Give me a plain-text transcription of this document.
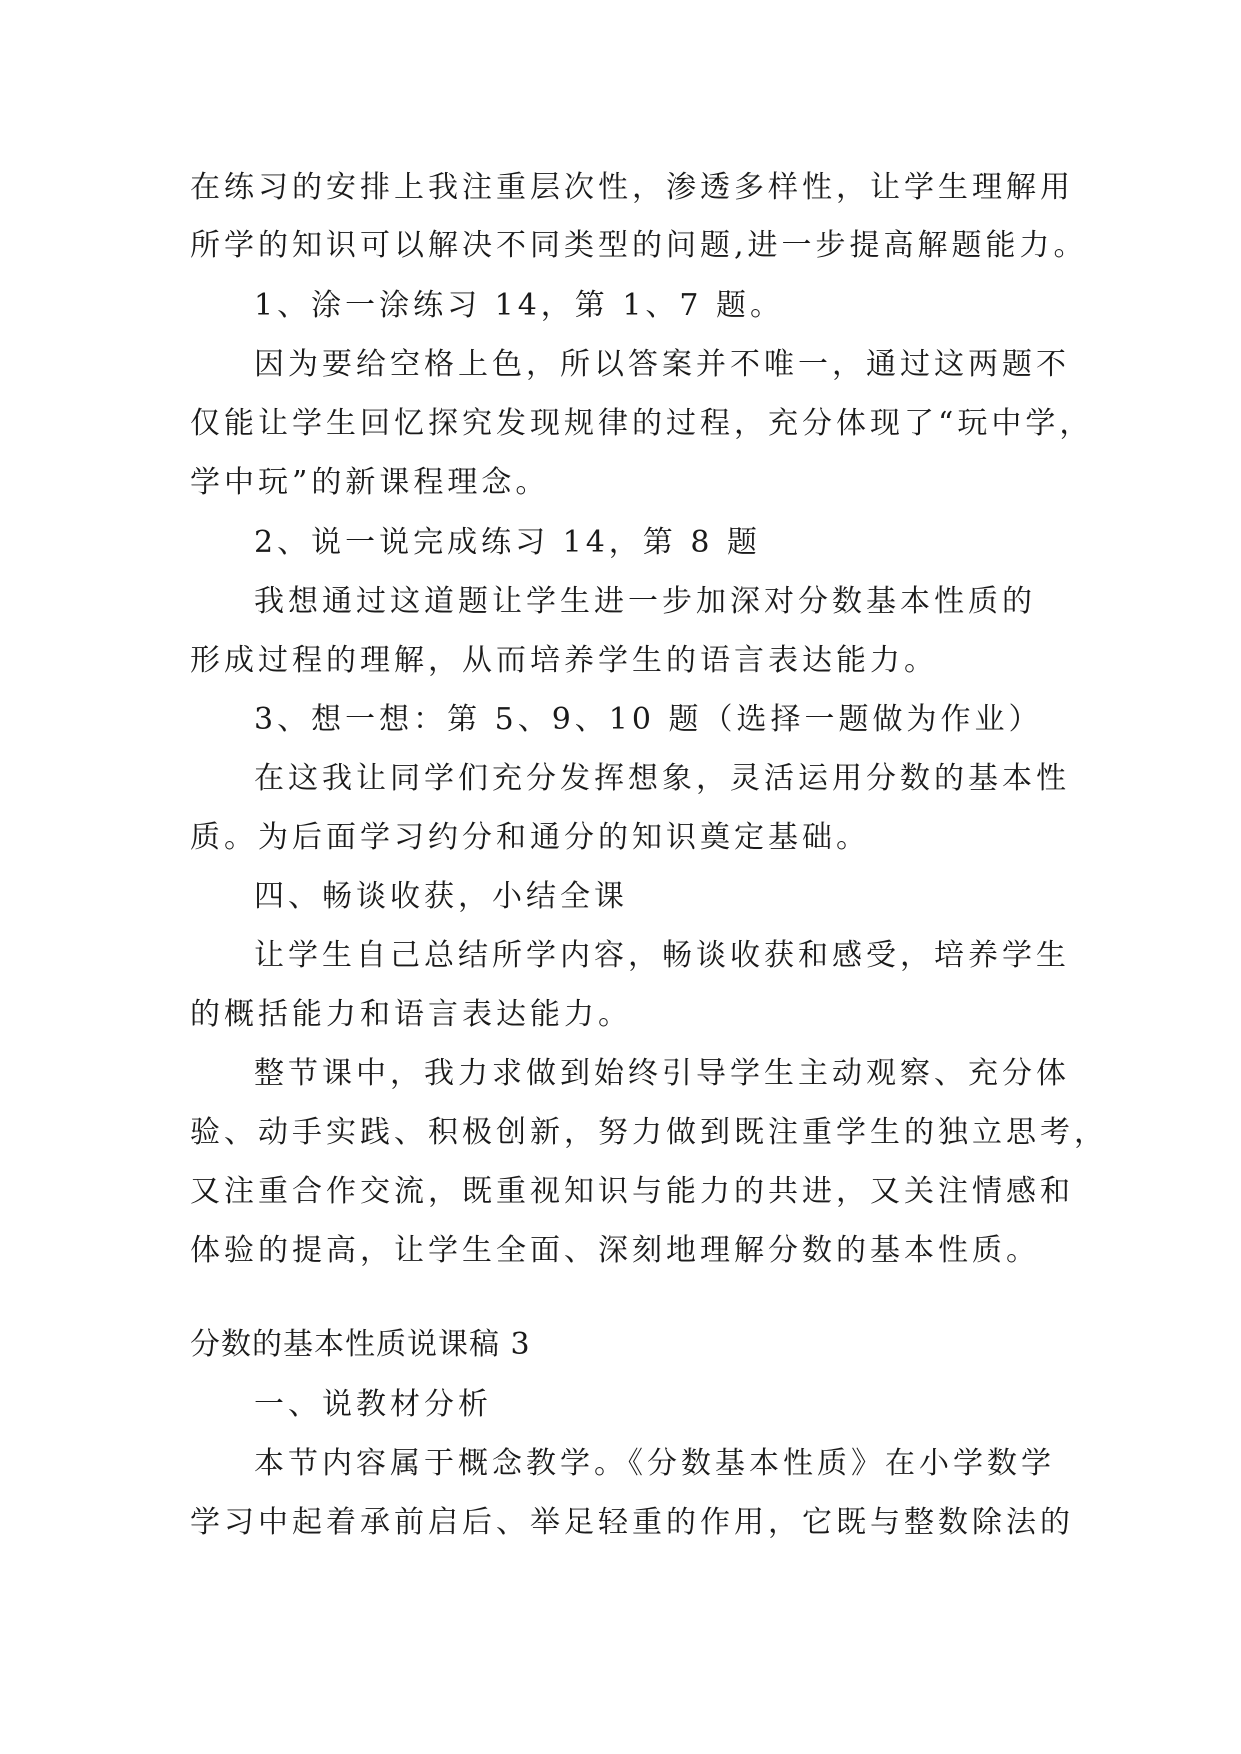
在练习的安排上我注重层次性，渗透多样性，让学生理解用
所学的知识可以解决不同类型的问题,进一步提高解题能力。
1、涂一涂练习 14，第 1、7 题。
因为要给空格上色，所以答案并不唯一，通过这两题不
仅能让学生回忆探究发现规律的过程，充分体现了“玩中学，
学中玩”的新课程理念。
2、说一说完成练习 14，第 8 题
我想通过这道题让学生进一步加深对分数基本性质的
形成过程的理解，从而培养学生的语言表达能力。
3、想一想：第 5、9、10 题（选择一题做为作业）
在这我让同学们充分发挥想象，灵活运用分数的基本性
质。为后面学习约分和通分的知识奠定基础。
四、畅谈收获，小结全课
让学生自己总结所学内容，畅谈收获和感受，培养学生
的概括能力和语言表达能力。
整节课中，我力求做到始终引导学生主动观察、充分体
验、动手实践、积极创新，努力做到既注重学生的独立思考，
又注重合作交流，既重视知识与能力的共进，又关注情感和
体验的提高，让学生全面、深刻地理解分数的基本性质。
分数的基本性质说课稿 3
一、说教材分析
本节内容属于概念教学。《分数基本性质》在小学数学
学习中起着承前启后、举足轻重的作用，它既与整数除法的
